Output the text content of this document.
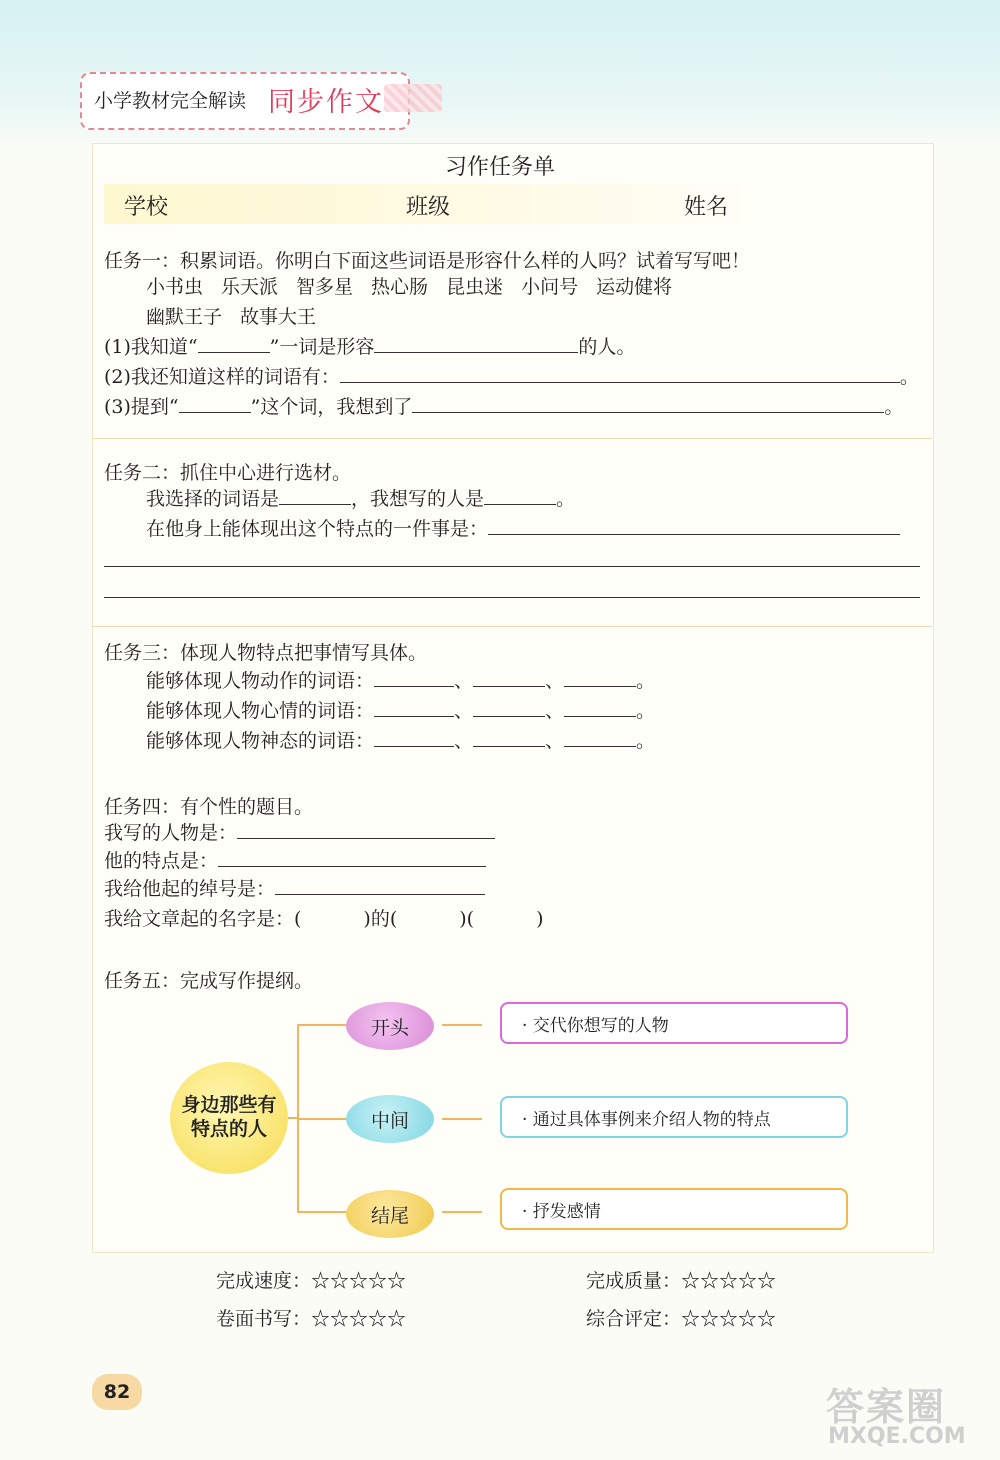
小学教材完全解读 同步作文
习作任务单
学校	班级	姓名
任务一：积累词语。你明白下面这些词语是形容什么样的人吗？试着写写吧！
小书虫 乐天派 智多星 热心肠 昆虫迷 小问号 运动健将
幽默王子 故事大王
(1)我知道“	”一词是形容	的人。
(2)我还知道这样的词语有：	。
(3)提到“	”这个词，我想到了	。
任务二：抓住中心进行选材。
我选择的词语是	，我想写的人是	。
在他身上能体现出这个特点的一件事是：
任务三：体现人物特点把事情写具体。
能够体现人物动作的词语：	、	、	。
能够体现人物心情的词语：	、	、	。
能够体现人物神态的词语：	、	、	。
任务四：有个性的题目。
我写的人物是：
他的特点是：
我给他起的绰号是：
我给文章起的名字是：(	)的(	)(	)
任务五：完成写作提纲。
身边那些有
特点的人
开头
中间
结尾
· 交代你想写的人物
· 通过具体事例来介绍人物的特点
· 抒发感情
完成速度：☆☆☆☆☆	完成质量：☆☆☆☆☆
卷面书写：☆☆☆☆☆	综合评定：☆☆☆☆☆
82	答案圈
MXQE.COM
